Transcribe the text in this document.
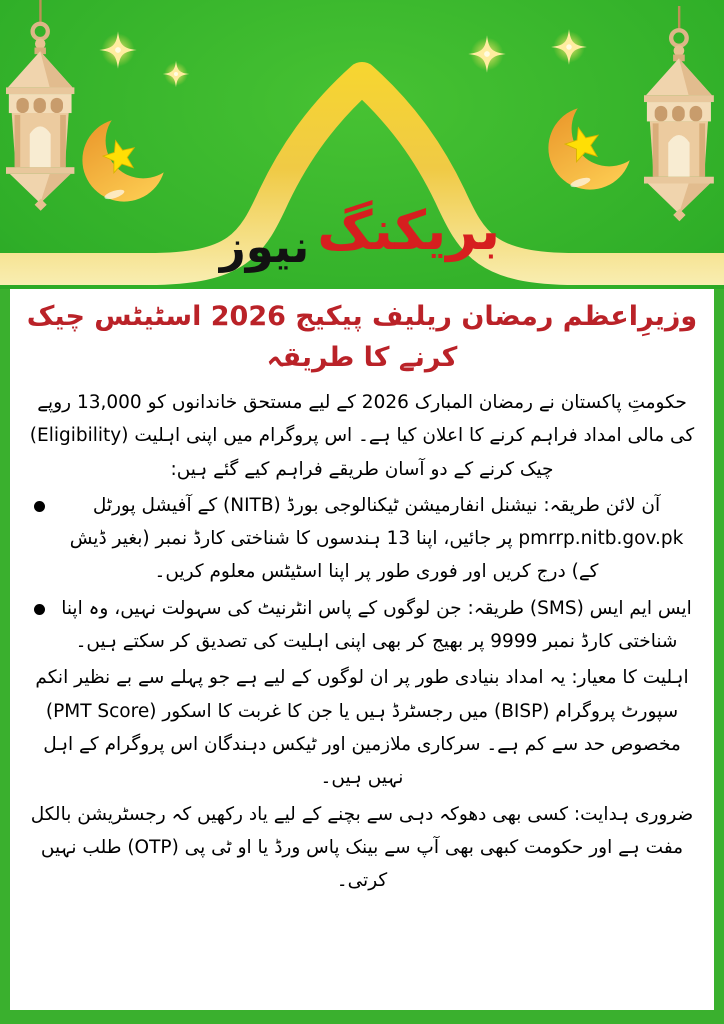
بریکنگ
نیوز
وزیرِاعظم رمضان ریلیف پیکیج 2026 اسٹیٹس چیک کرنے کا طریقہ

حکومتِ پاکستان نے رمضان المبارک 2026 کے لیے مستحق خاندانوں کو 13,000 روپے کی مالی امداد فراہم کرنے کا اعلان کیا ہے۔ اس پروگرام میں اپنی اہلیت (Eligibility) چیک کرنے کے دو آسان طریقے فراہم کیے گئے ہیں:

آن لائن طریقہ: نیشنل انفارمیشن ٹیکنالوجی بورڈ (NITB) کے آفیشل پورٹل pmrrp.nitb.gov.pk پر جائیں، اپنا 13 ہندسوں کا شناختی کارڈ نمبر (بغیر ڈیش کے) درج کریں اور فوری طور پر اپنا اسٹیٹس معلوم کریں۔
ایس ایم ایس (SMS) طریقہ: جن لوگوں کے پاس انٹرنیٹ کی سہولت نہیں، وہ اپنا شناختی کارڈ نمبر 9999 پر بھیج کر بھی اپنی اہلیت کی تصدیق کر سکتے ہیں۔

اہلیت کا معیار: یہ امداد بنیادی طور پر ان لوگوں کے لیے ہے جو پہلے سے بے نظیر انکم سپورٹ پروگرام (BISP) میں رجسٹرڈ ہیں یا جن کا غربت کا اسکور (PMT Score) مخصوص حد سے کم ہے۔ سرکاری ملازمین اور ٹیکس دہندگان اس پروگرام کے اہل نہیں ہیں۔

ضروری ہدایت: کسی بھی دھوکہ دہی سے بچنے کے لیے یاد رکھیں کہ رجسٹریشن بالکل مفت ہے اور حکومت کبھی بھی آپ سے بینک پاس ورڈ یا او ٹی پی (OTP) طلب نہیں کرتی۔
